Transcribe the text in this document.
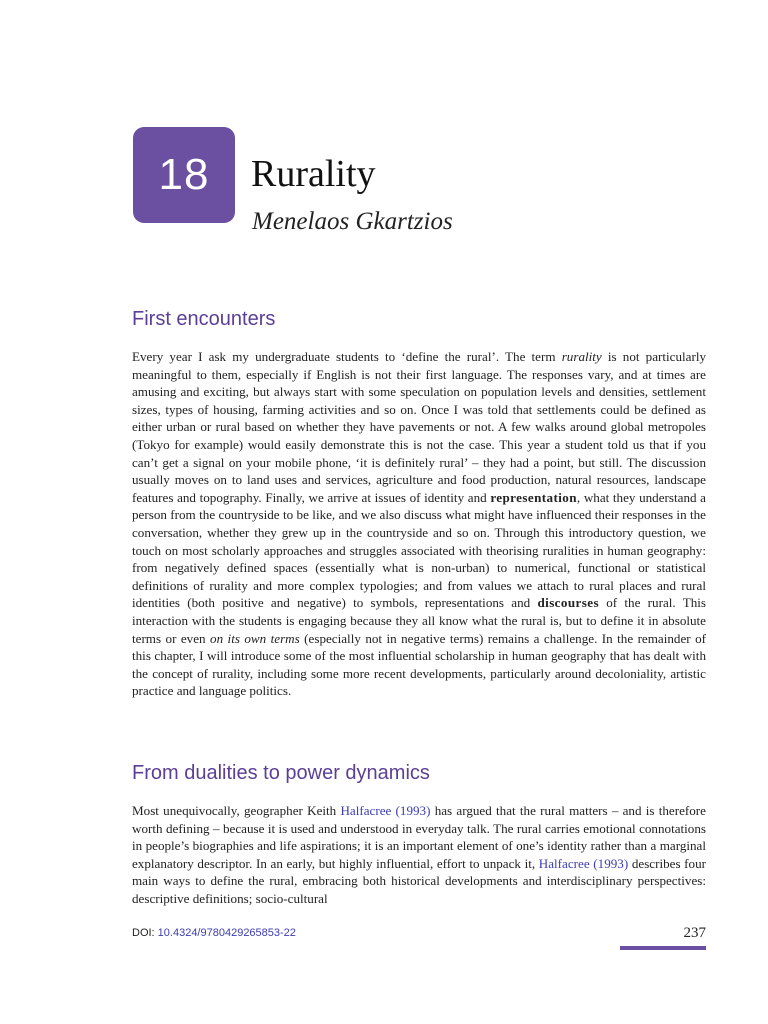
18 Rurality
Menelaos Gkartzios
First encounters

Every year I ask my undergraduate students to ‘define the rural’. The term rurality is not particularly meaningful to them, especially if English is not their first language. The responses vary, and at times are amusing and exciting, but always start with some speculation on population levels and densities, settlement sizes, types of housing, farming activities and so on. Once I was told that settlements could be defined as either urban or rural based on whether they have pavements or not. A few walks around global metropoles (Tokyo for example) would easily demonstrate this is not the case. This year a student told us that if you can’t get a signal on your mobile phone, ‘it is definitely rural’ – they had a point, but still. The discussion usually moves on to land uses and services, agriculture and food production, natural resources, landscape features and topography. Finally, we arrive at issues of identity and representation, what they understand a person from the countryside to be like, and we also discuss what might have influenced their responses in the conversation, whether they grew up in the countryside and so on. Through this introductory question, we touch on most scholarly approaches and struggles associated with theorising ruralities in human geography: from negatively defined spaces (essentially what is non-urban) to numerical, functional or statistical definitions of rurality and more complex typologies; and from values we attach to rural places and rural identities (both positive and negative) to symbols, representations and discourses of the rural. This interaction with the students is engaging because they all know what the rural is, but to define it in absolute terms or even on its own terms (especially not in negative terms) remains a challenge. In the remainder of this chapter, I will introduce some of the most influential scholarship in human geography that has dealt with the concept of rurality, including some more recent developments, particularly around decoloniality, artistic practice and language politics.

From dualities to power dynamics

Most unequivocally, geographer Keith Halfacree (1993) has argued that the rural matters – and is therefore worth defining – because it is used and understood in everyday talk. The rural carries emotional connotations in people’s biographies and life aspirations; it is an important element of one’s identity rather than a marginal explanatory descriptor. In an early, but highly influential, effort to unpack it, Halfacree (1993) describes four main ways to define the rural, embracing both historical developments and interdisciplinary perspectives: descriptive definitions; socio-cultural

DOI: 10.4324/9780429265853-22	237
